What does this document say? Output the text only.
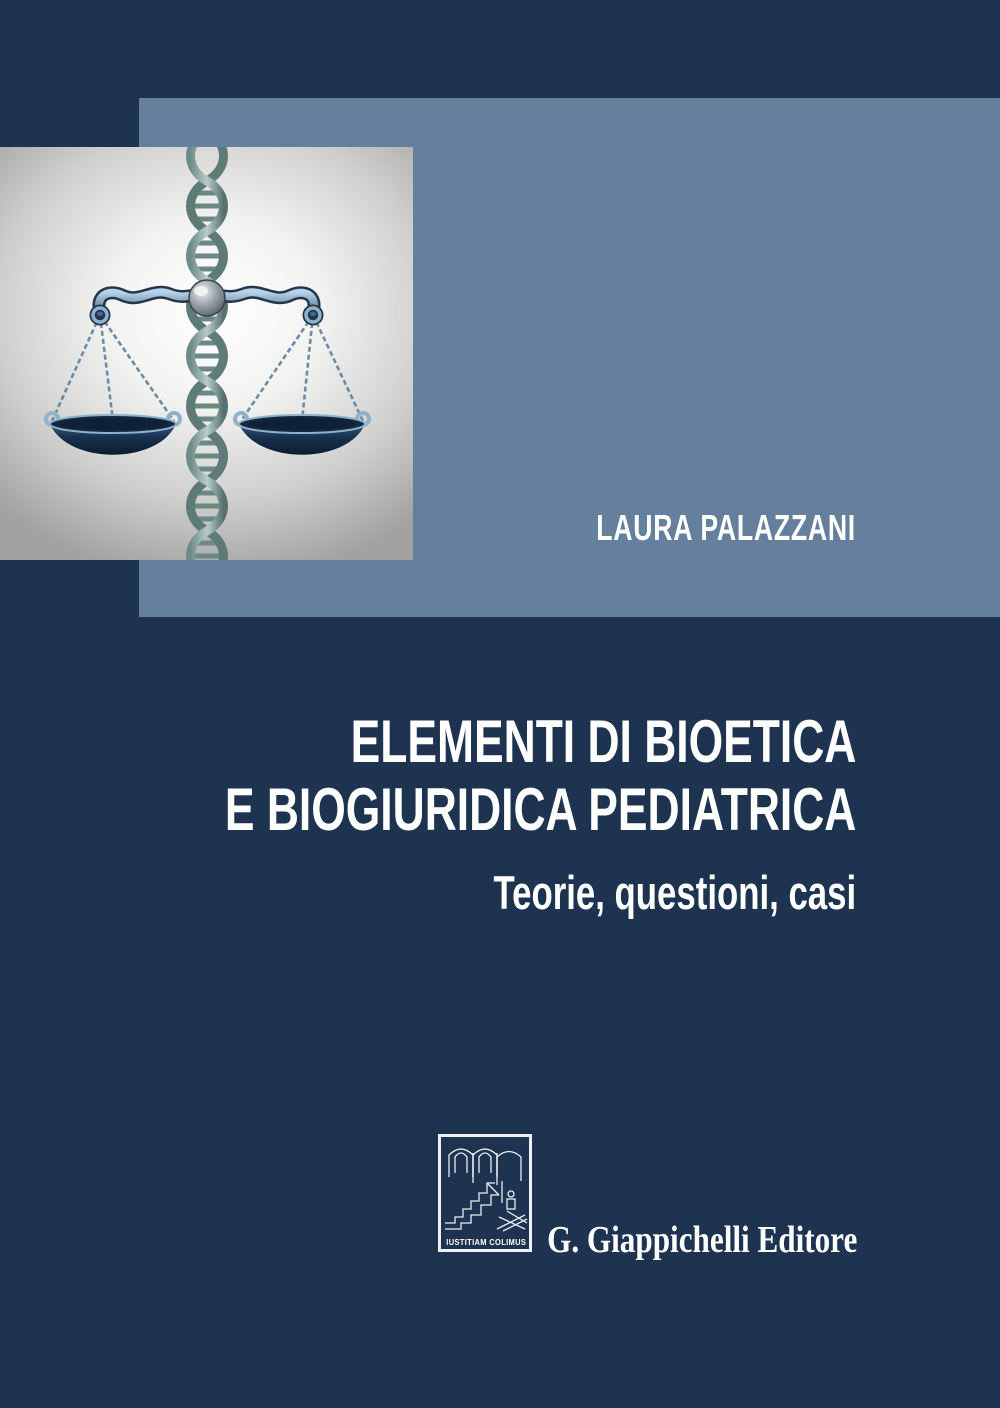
LAURA PALAZZANI
ELEMENTI DI BIOETICA
E BIOGIURIDICA PEDIATRICA
Teorie, questioni, casi
IUSTITIAM COLIMUS G. Giappichelli Editore
